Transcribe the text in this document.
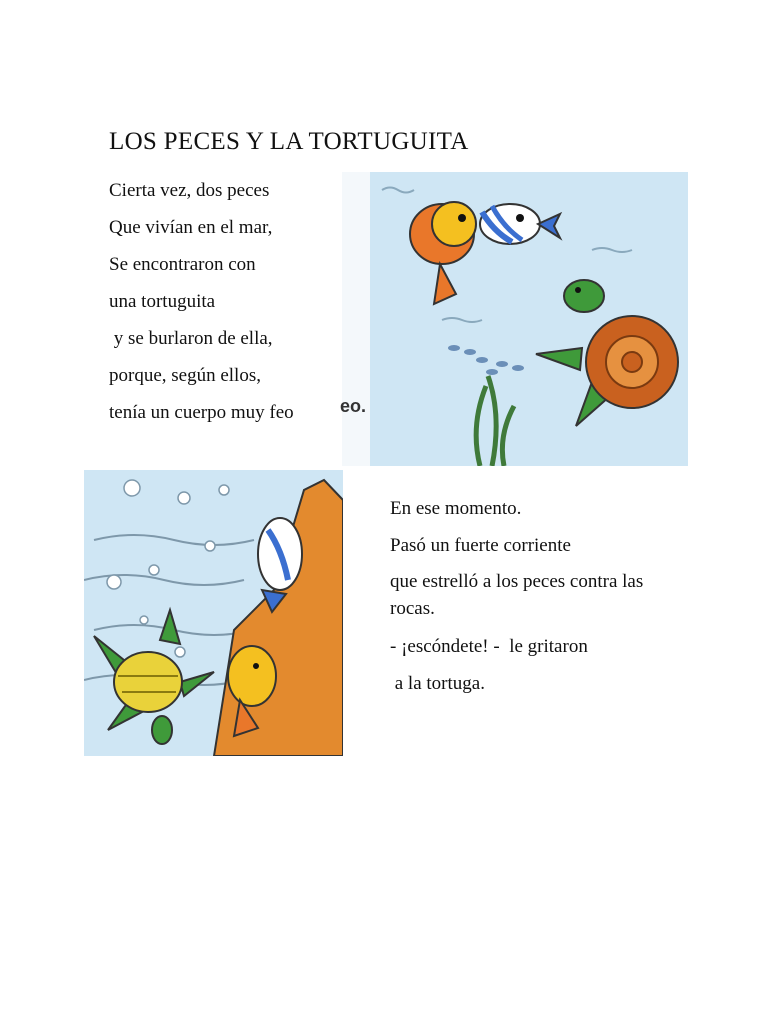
LOS PECES Y LA TORTUGUITA
Cierta vez, dos peces
Que vivían en el mar,
Se encontraron con
una tortuguita
y se burlaron de ella,
porque, según ellos,
tenía un cuerpo muy feo	eo.
En ese momento.
Pasó un fuerte corriente
que estrelló a los peces contra las rocas.
- ¡escóndete! -  le gritaron
a la tortuga.
